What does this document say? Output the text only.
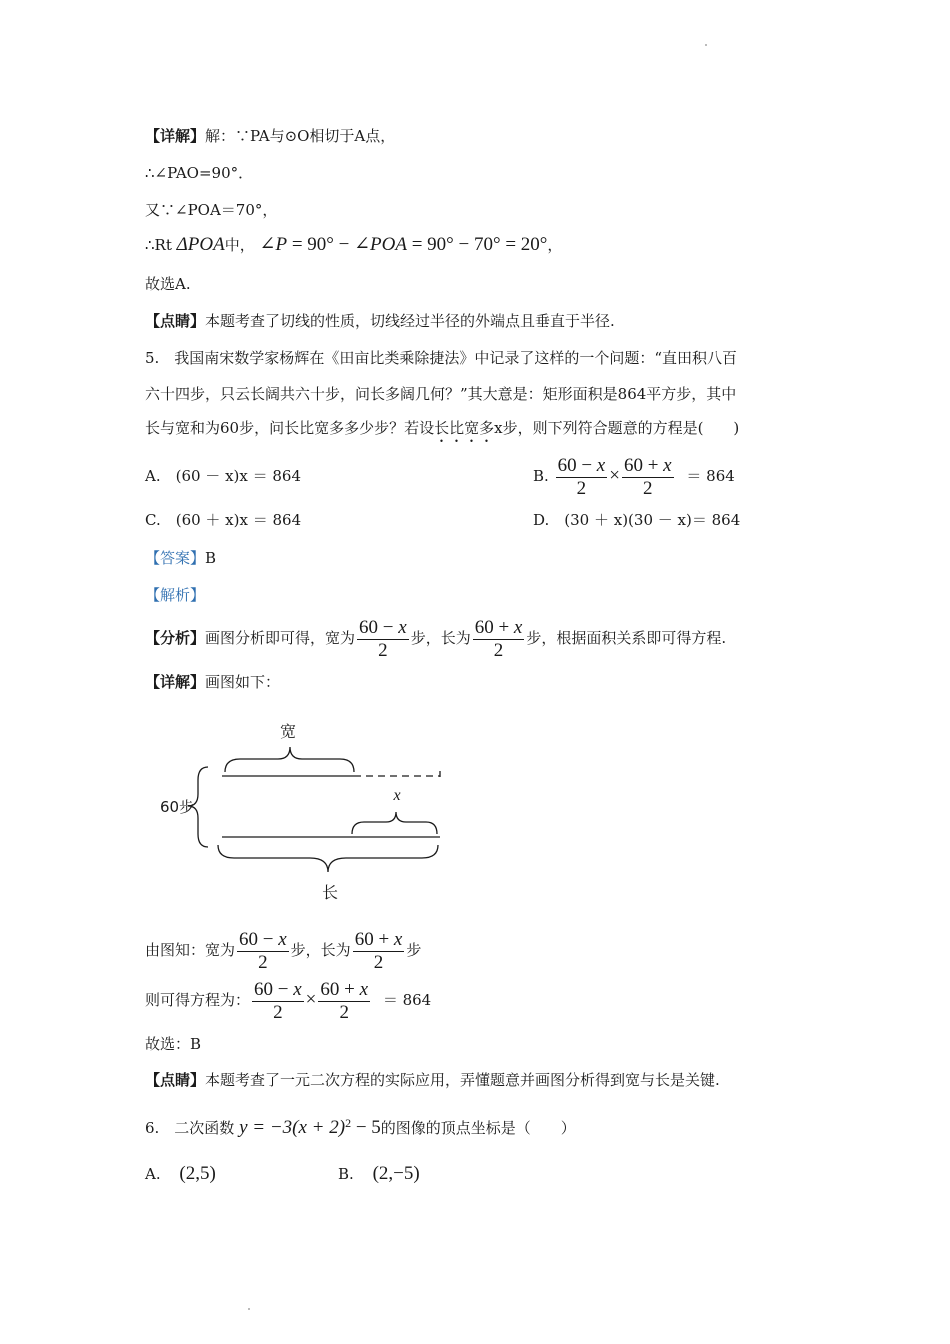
【详解】解：∵PA与⊙O相切于A点，
∴∠PAO=90°．
又∵∠POA＝70°，
∴Rt ΔPOA中， ∠P = 90° − ∠POA = 90° − 70° = 20°，
故选A.
【点睛】本题考查了切线的性质，切线经过半径的外端点且垂直于半径.
5.　我国南宋数学家杨辉在《田亩比类乘除捷法》中记录了这样的一个问题：“直田积八百
六十四步，只云长阔共六十步，问长多阔几何？”其大意是：矩形面积是864平方步，其中
长与宽和为60步，问长比宽多多少步？若设长比宽多x步，则下列符合题意的方程是(　　)
A.　(60 － x)x ＝ 864	B. $\frac{60 - x}{2} \times \frac{60 + x}{2} = 864$
C.　(60 ＋ x)x ＝ 864	D.　(30 ＋ x)(30 － x)＝ 864
【答案】B
【解析】
【分析】画图分析即可得，宽为 $\frac{60 - x}{2}$ 步，长为 $\frac{60 + x}{2}$ 步，根据面积关系即可得方程.
【详解】画图如下：
宽
60步
x
长
由图知：宽为 $\frac{60 - x}{2}$ 步，长为 $\frac{60 + x}{2}$ 步
则可得方程为： $\frac{60 - x}{2} \times \frac{60 + x}{2} = 864$
故选：B
【点睛】本题考查了一元二次方程的实际应用，弄懂题意并画图分析得到宽与长是关键.
6.　二次函数 $y = -3(x + 2)^2 - 5$的图像的顶点坐标是（　　）
A. (2,5)	B. (2,−5)
